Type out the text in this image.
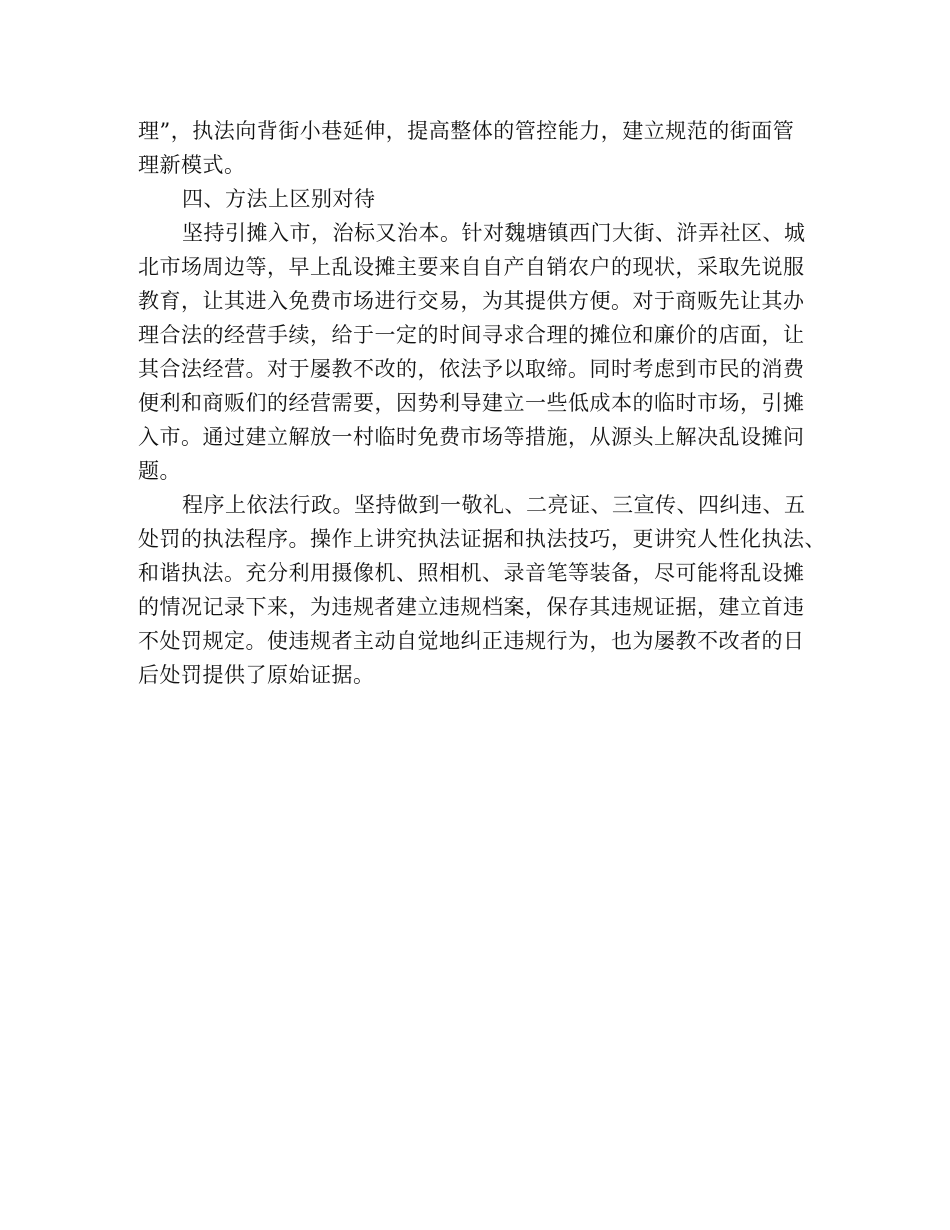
理”，执法向背街小巷延伸，提高整体的管控能力，建立规范的街面管
理新模式。
四、方法上区别对待
坚持引摊入市，治标又治本。针对魏塘镇西门大街、浒弄社区、城
北市场周边等，早上乱设摊主要来自自产自销农户的现状，采取先说服
教育，让其进入免费市场进行交易，为其提供方便。对于商贩先让其办
理合法的经营手续，给于一定的时间寻求合理的摊位和廉价的店面，让
其合法经营。对于屡教不改的，依法予以取缔。同时考虑到市民的消费
便利和商贩们的经营需要，因势利导建立一些低成本的临时市场，引摊
入市。通过建立解放一村临时免费市场等措施，从源头上解决乱设摊问
题。
程序上依法行政。坚持做到一敬礼、二亮证、三宣传、四纠违、五
处罚的执法程序。操作上讲究执法证据和执法技巧，更讲究人性化执法、
和谐执法。充分利用摄像机、照相机、录音笔等装备，尽可能将乱设摊
的情况记录下来，为违规者建立违规档案，保存其违规证据，建立首违
不处罚规定。使违规者主动自觉地纠正违规行为，也为屡教不改者的日
后处罚提供了原始证据。
